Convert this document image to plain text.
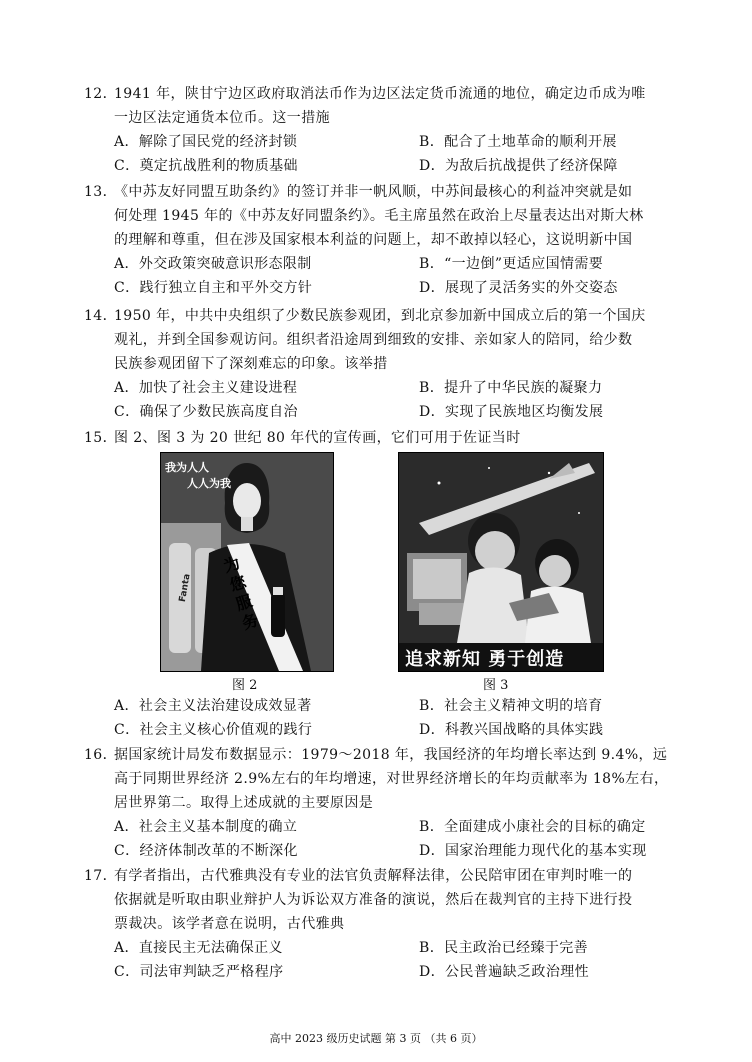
12．1941 年，陕甘宁边区政府取消法币作为边区法定货币流通的地位，确定边币成为唯

一边区法定通货本位币。这一措施

A．解除了国民党的经济封锁	B．配合了土地革命的顺利开展
C．奠定抗战胜利的物质基础	D．为敌后抗战提供了经济保障

13．《中苏友好同盟互助条约》的签订并非一帆风顺，中苏间最核心的利益冲突就是如

何处理 1945 年的《中苏友好同盟条约》。毛主席虽然在政治上尽量表达出对斯大林

的理解和尊重，但在涉及国家根本利益的问题上，却不敢掉以轻心，这说明新中国

A．外交政策突破意识形态限制	B．“一边倒”更适应国情需要
C．践行独立自主和平外交方针	D．展现了灵活务实的外交姿态

14．1950 年，中共中央组织了少数民族参观团，到北京参加新中国成立后的第一个国庆

观礼，并到全国参观访问。组织者沿途周到细致的安排、亲如家人的陪同，给少数

民族参观团留下了深刻难忘的印象。该举措

A．加快了社会主义建设进程	B．提升了中华民族的凝聚力
C．确保了少数民族高度自治	D．实现了民族地区均衡发展

15．图 2、图 3 为 20 世纪 80 年代的宣传画，它们可用于佐证当时

我为人人
人人为我
Fanta
为您服务
追求新知 勇于创造
图 2	图 3
A．社会主义法治建设成效显著	B．社会主义精神文明的培育
C．社会主义核心价值观的践行	D．科教兴国战略的具体实践

16．据国家统计局发布数据显示：1979～2018 年，我国经济的年均增长率达到 9.4%，远

高于同期世界经济 2.9%左右的年均增速，对世界经济增长的年均贡献率为 18%左右，

居世界第二。取得上述成就的主要原因是

A．社会主义基本制度的确立	B．全面建成小康社会的目标的确定
C．经济体制改革的不断深化	D．国家治理能力现代化的基本实现

17．有学者指出，古代雅典没有专业的法官负责解释法律，公民陪审团在审判时唯一的

依据就是听取由职业辩护人为诉讼双方准备的演说，然后在裁判官的主持下进行投

票裁决。该学者意在说明，古代雅典

A．直接民主无法确保正义	B．民主政治已经臻于完善
C．司法审判缺乏严格程序	D．公民普遍缺乏政治理性
高中 2023 级历史试题 第 3 页 （共 6 页）
